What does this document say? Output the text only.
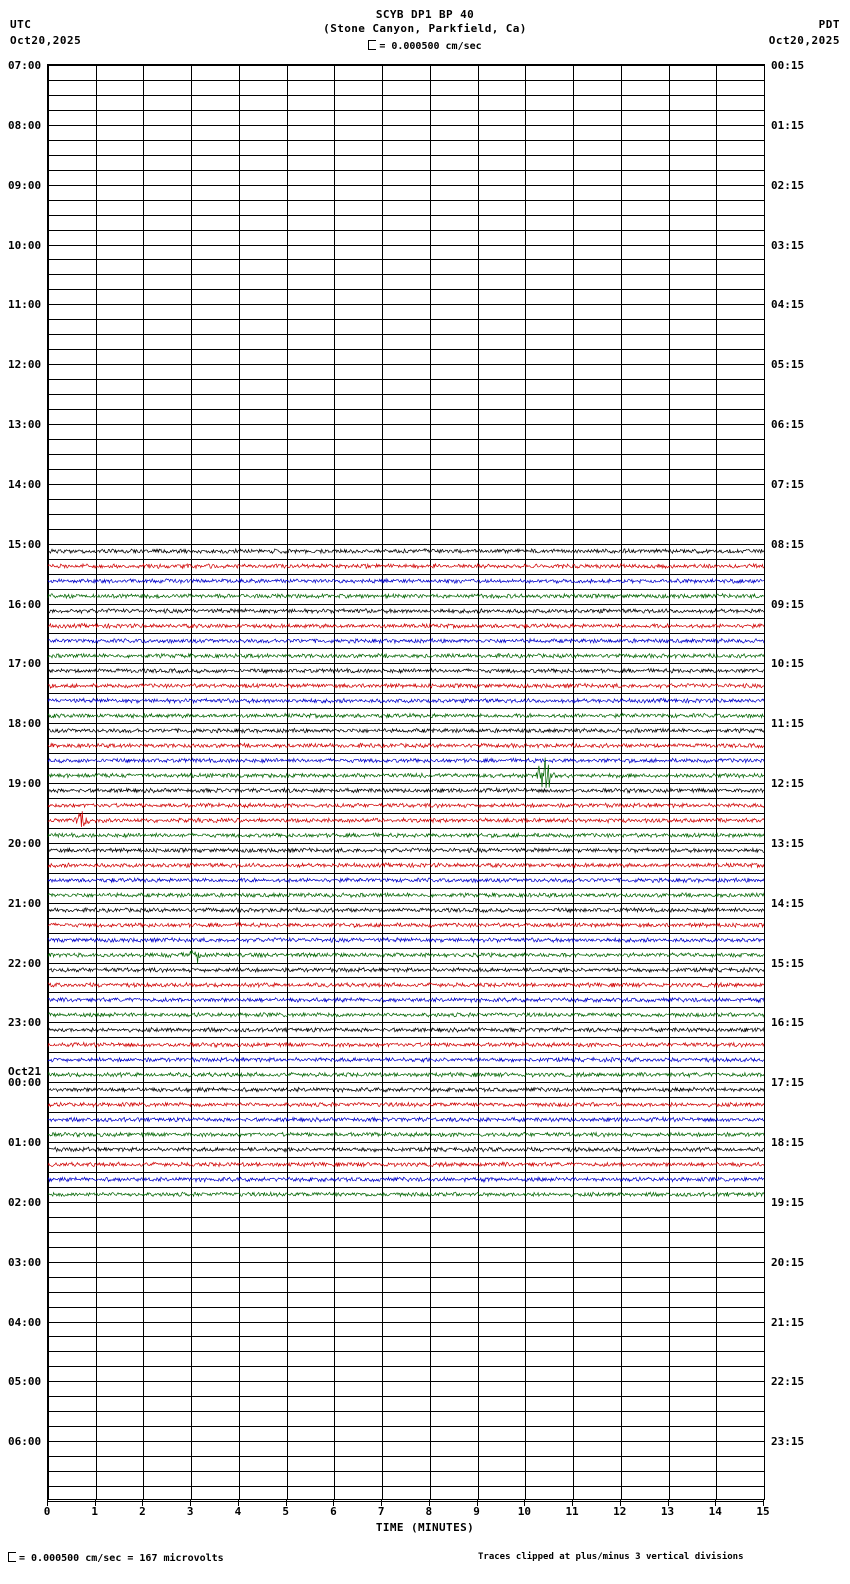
UTC
Oct20,2025
PDT
Oct20,2025
SCYB DP1 BP 40
(Stone Canyon, Parkfield, Ca)
= 0.000500 cm/sec
07:00
08:00
09:00
10:00
11:00
12:00
13:00
14:00
15:00
16:00
17:00
18:00
19:00
20:00
21:00
22:00
23:00
00:00
01:00
02:00
03:00
04:00
05:00
06:00
Oct21
00:15
01:15
02:15
03:15
04:15
05:15
06:15
07:15
08:15
09:15
10:15
11:15
12:15
13:15
14:15
15:15
16:15
17:15
18:15
19:15
20:15
21:15
22:15
23:15
0	1	2	3	4	5	6	7	8	9	10	11	12	13	14	15
TIME (MINUTES)
= 0.000500 cm/sec = 167 microvolts	Traces clipped at plus/minus 3 vertical divisions
